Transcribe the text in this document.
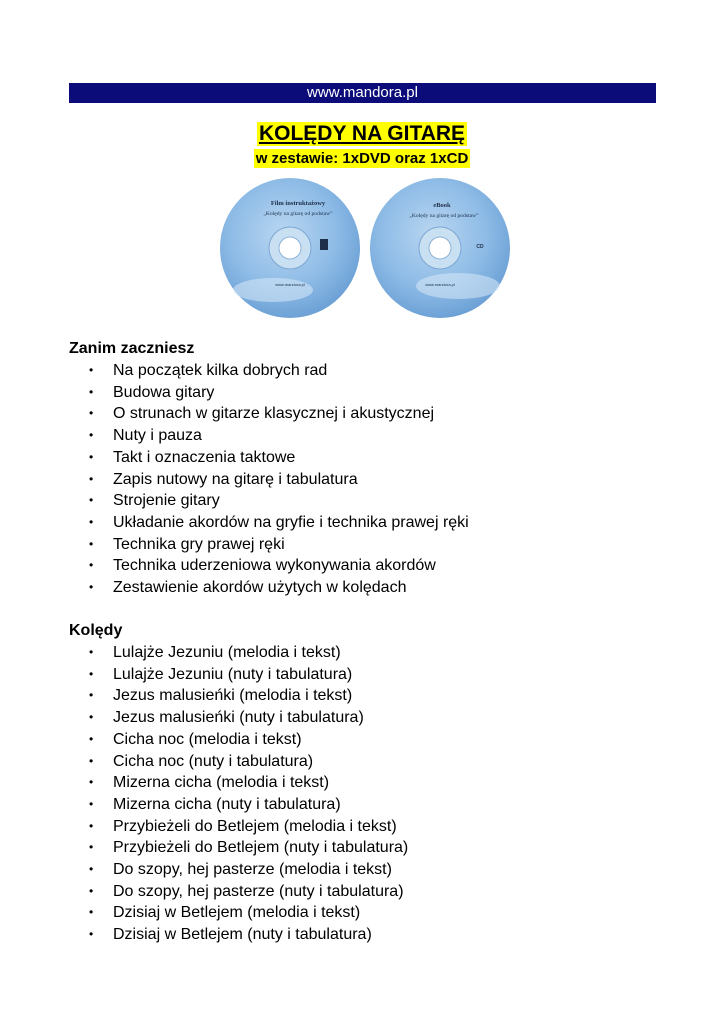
www.mandora.pl
KOLĘDY NA GITARĘ
w zestawie: 1xDVD oraz 1xCD
Film instruktażowy
„Kolędy na gitarę od podstaw”
www.mandora.pl
eBook
„Kolędy na gitarę od podstaw”
CD
www.mandora.pl
Zanim zaczniesz
• Na początek kilka dobrych rad
• Budowa gitary
• O strunach w gitarze klasycznej i akustycznej
• Nuty i pauza
• Takt i oznaczenia taktowe
• Zapis nutowy na gitarę i tabulatura
• Strojenie gitary
• Układanie akordów na gryfie i technika prawej ręki
• Technika gry prawej ręki
• Technika uderzeniowa wykonywania akordów
• Zestawienie akordów użytych w kolędach
Kolędy
• Lulajże Jezuniu (melodia i tekst)
• Lulajże Jezuniu (nuty i tabulatura)
• Jezus malusieńki (melodia i tekst)
• Jezus malusieńki (nuty i tabulatura)
• Cicha noc (melodia i tekst)
• Cicha noc (nuty i tabulatura)
• Mizerna cicha (melodia i tekst)
• Mizerna cicha (nuty i tabulatura)
• Przybieżeli do Betlejem (melodia i tekst)
• Przybieżeli do Betlejem (nuty i tabulatura)
• Do szopy, hej pasterze (melodia i tekst)
• Do szopy, hej pasterze (nuty i tabulatura)
• Dzisiaj w Betlejem (melodia i tekst)
• Dzisiaj w Betlejem (nuty i tabulatura)
